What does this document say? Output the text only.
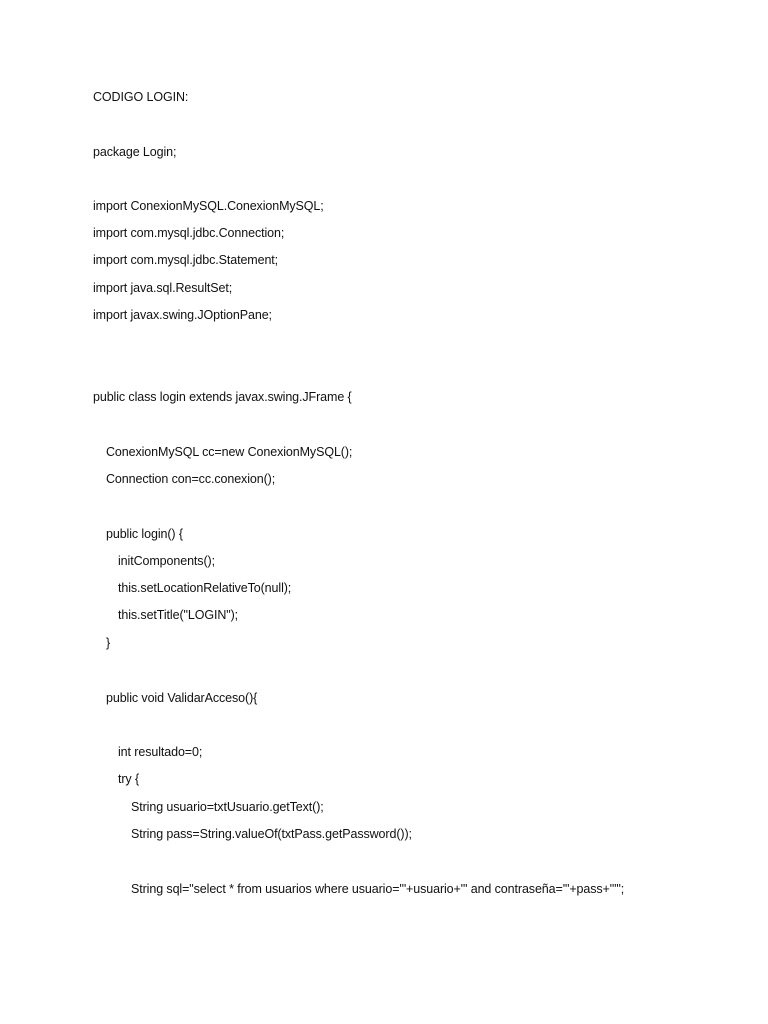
CODIGO LOGIN:
package Login;
import ConexionMySQL.ConexionMySQL;
import com.mysql.jdbc.Connection;
import com.mysql.jdbc.Statement;
import java.sql.ResultSet;
import javax.swing.JOptionPane;
public class login extends javax.swing.JFrame {
ConexionMySQL cc=new ConexionMySQL();
Connection con=cc.conexion();
public login() {
initComponents();
this.setLocationRelativeTo(null);
this.setTitle("LOGIN");
}
public void ValidarAcceso(){
int resultado=0;
try {
String usuario=txtUsuario.getText();
String pass=String.valueOf(txtPass.getPassword());
String sql="select * from usuarios where usuario='"+usuario+"' and contraseña='"+pass+"'";
